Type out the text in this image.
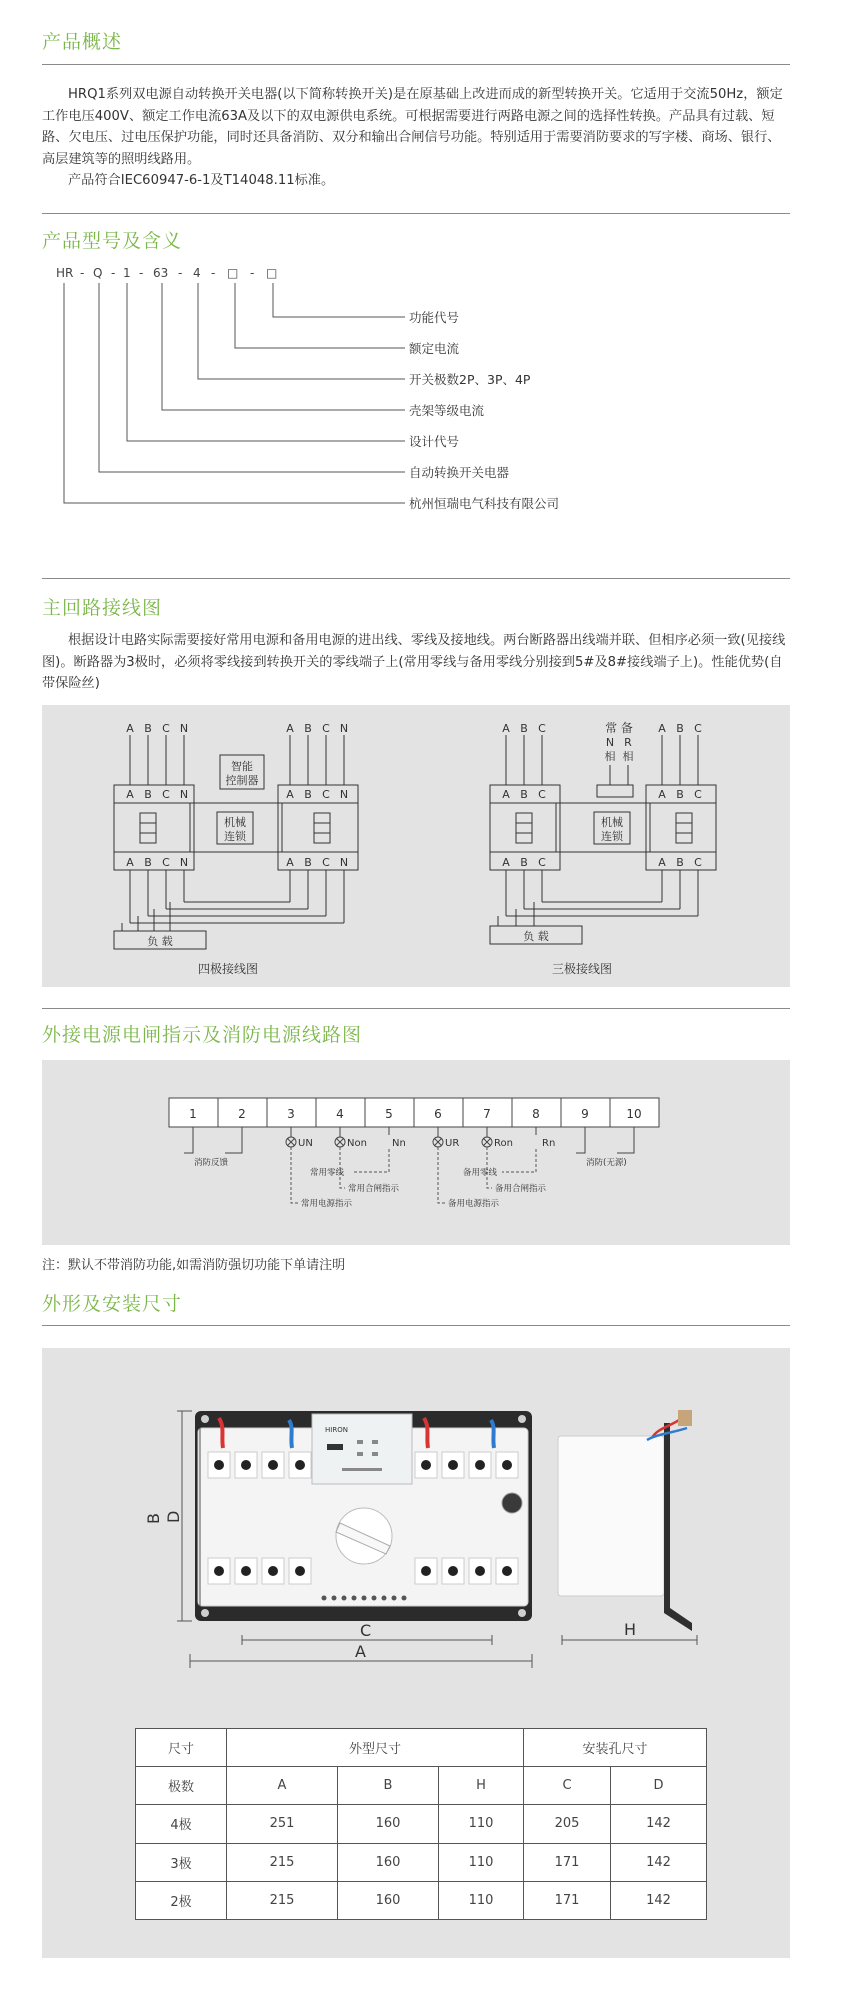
产品概述

HRQ1系列双电源自动转换开关电器(以下简称转换开关)是在原基础上改进而成的新型转换开关。它适用于交流50Hz，额定工作电压400V、额定工作电流63A及以下的双电源供电系统。可根据需要进行两路电源之间的选择性转换。产品具有过载、短路、欠电压、过电压保护功能，同时还具备消防、双分和输出合闸信号功能。特别适用于需要消防要求的写字楼、商场、银行、高层建筑等的照明线路用。

产品符合IEC60947-6-1及T14048.11标准。

产品型号及含义
HR - Q - 1 - 63 - 4 - □ - □
功能代号
额定电流
开关极数2P、3P、4P
壳架等级电流
设计代号
自动转换开关电器
杭州恒瑞电气科技有限公司
主回路接线图

根据设计电路实际需要接好常用电源和备用电源的进出线、零线及接地线。两台断路器出线端并联、但相序必须一致(见接线图)。断路器为3极时，必须将零线接到转换开关的零线端子上(常用零线与备用零线分别接到5#及8#接线端子上)。性能优势(自带保险丝)

A B C N	A B C N
A B C N	A B C N
A B C N	A B C N
智能
控制器
机械
连锁
负 载
四极接线图
A B C	A B C
常 备
N R
相 相
A B C	A B C
A B C	A B C
机械
连锁
负 载
三极接线图
外接电源电闸指示及消防电源线路图
1	2	3	4	5	6	7	8	9	10
UN	Non	Nn	UR	Ron	Rn
消防反馈	消防(无源)
常用零线
常用合闸指示
常用电源指示
备用零线
备用合闸指示
备用电源指示
注：默认不带消防功能,如需消防强切功能下单请注明
外形及安装尺寸
HIRON
B D
C
A
H
尺寸	外型尺寸			安装孔尺寸	
极数	A	B	H	C	D
4极	251	160	110	205	142
3极	215	160	110	171	142
2极	215	160	110	171	142
